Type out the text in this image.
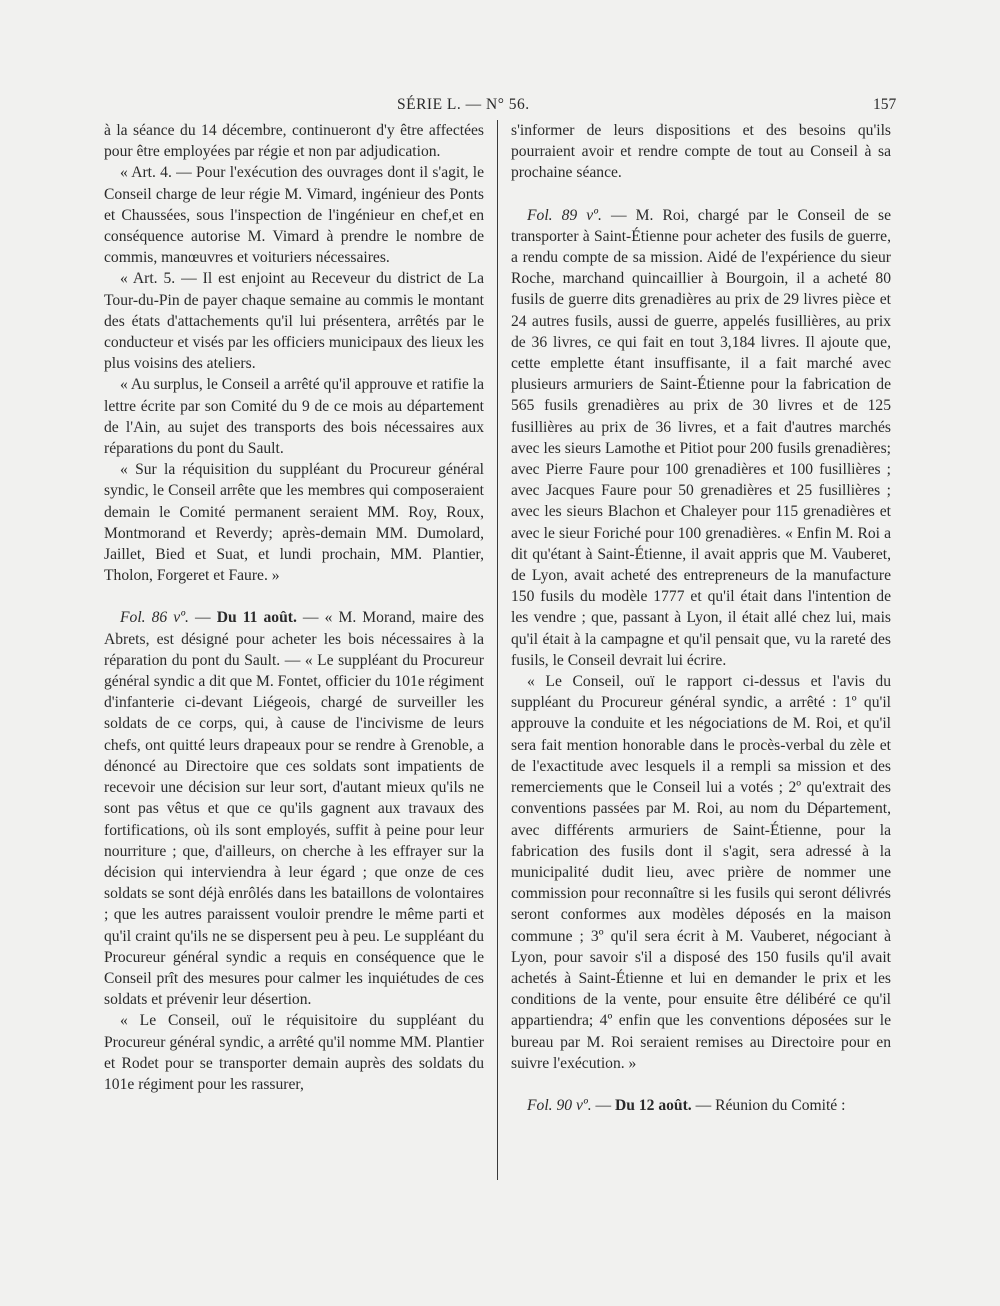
SÉRIE L. — N° 56.	157

à la séance du 14 décembre, continueront d'y être affectées pour être employées par régie et non par adjudication.

« Art. 4. — Pour l'exécution des ouvrages dont il s'agit, le Conseil charge de leur régie M. Vimard, ingénieur des Ponts et Chaussées, sous l'inspection de l'ingénieur en chef,et en conséquence autorise M. Vimard à prendre le nombre de commis, manœuvres et voituriers nécessaires.

« Art. 5. — Il est enjoint au Receveur du district de La Tour-du-Pin de payer chaque semaine au commis le montant des états d'attachements qu'il lui présentera, arrêtés par le conducteur et visés par les officiers municipaux des lieux les plus voisins des ateliers.

« Au surplus, le Conseil a arrêté qu'il approuve et ratifie la lettre écrite par son Comité du 9 de ce mois au département de l'Ain, au sujet des transports des bois nécessaires aux réparations du pont du Sault.

« Sur la réquisition du suppléant du Procureur général syndic, le Conseil arrête que les membres qui composeraient demain le Comité permanent seraient MM. Roy, Roux, Montmorand et Reverdy; après-demain MM. Dumolard, Jaillet, Bied et Suat, et lundi prochain, MM. Plantier, Tholon, Forgeret et Faure. »

Fol. 86 vº. — Du 11 août. — « M. Morand, maire des Abrets, est désigné pour acheter les bois nécessaires à la réparation du pont du Sault. — « Le suppléant du Procureur général syndic a dit que M. Fontet, officier du 101e régiment d'infanterie ci-devant Liégeois, chargé de surveiller les soldats de ce corps, qui, à cause de l'incivisme de leurs chefs, ont quitté leurs drapeaux pour se rendre à Grenoble, a dénoncé au Directoire que ces soldats sont impatients de recevoir une décision sur leur sort, d'autant mieux qu'ils ne sont pas vêtus et que ce qu'ils gagnent aux travaux des fortifications, où ils sont employés, suffit à peine pour leur nourriture ; que, d'ailleurs, on cherche à les effrayer sur la décision qui interviendra à leur égard ; que onze de ces soldats se sont déjà enrôlés dans les bataillons de volontaires ; que les autres paraissent vouloir prendre le même parti et qu'il craint qu'ils ne se dispersent peu à peu. Le suppléant du Procureur général syndic a requis en conséquence que le Conseil prît des mesures pour calmer les inquiétudes de ces soldats et prévenir leur désertion.

« Le Conseil, ouï le réquisitoire du suppléant du Procureur général syndic, a arrêté qu'il nomme MM. Plantier et Rodet pour se transporter demain auprès des soldats du 101e régiment pour les rassurer,

s'informer de leurs dispositions et des besoins qu'ils pourraient avoir et rendre compte de tout au Conseil à sa prochaine séance.

Fol. 89 vº. — M. Roi, chargé par le Conseil de se transporter à Saint-Étienne pour acheter des fusils de guerre, a rendu compte de sa mission. Aidé de l'expérience du sieur Roche, marchand quincaillier à Bourgoin, il a acheté 80 fusils de guerre dits grenadières au prix de 29 livres pièce et 24 autres fusils, aussi de guerre, appelés fusillières, au prix de 36 livres, ce qui fait en tout 3,184 livres. Il ajoute que, cette emplette étant insuffisante, il a fait marché avec plusieurs armuriers de Saint-Étienne pour la fabrication de 565 fusils grenadières au prix de 30 livres et de 125 fusillières au prix de 36 livres, et a fait d'autres marchés avec les sieurs Lamothe et Pitiot pour 200 fusils grenadières; avec Pierre Faure pour 100 grenadières et 100 fusillières ; avec Jacques Faure pour 50 grenadières et 25 fusillières ; avec les sieurs Blachon et Chaleyer pour 115 grenadières et avec le sieur Foriché pour 100 grenadières. « Enfin M. Roi a dit qu'étant à Saint-Étienne, il avait appris que M. Vauberet, de Lyon, avait acheté des entrepreneurs de la manufacture 150 fusils du modèle 1777 et qu'il était dans l'intention de les vendre ; que, passant à Lyon, il était allé chez lui, mais qu'il était à la campagne et qu'il pensait que, vu la rareté des fusils, le Conseil devrait lui écrire.

« Le Conseil, ouï le rapport ci-dessus et l'avis du suppléant du Procureur général syndic, a arrêté : 1º qu'il approuve la conduite et les négociations de M. Roi, et qu'il sera fait mention honorable dans le procès-verbal du zèle et de l'exactitude avec lesquels il a rempli sa mission et des remerciements que le Conseil lui a votés ; 2º qu'extrait des conventions passées par M. Roi, au nom du Département, avec différents armuriers de Saint-Étienne, pour la fabrication des fusils dont il s'agit, sera adressé à la municipalité dudit lieu, avec prière de nommer une commission pour reconnaître si les fusils qui seront délivrés seront conformes aux modèles déposés en la maison commune ; 3º qu'il sera écrit à M. Vauberet, négociant à Lyon, pour savoir s'il a disposé des 150 fusils qu'il avait achetés à Saint-Étienne et lui en demander le prix et les conditions de la vente, pour ensuite être délibéré ce qu'il appartiendra; 4º enfin que les conventions déposées sur le bureau par M. Roi seraient remises au Directoire pour en suivre l'exécution. »

Fol. 90 vº. — Du 12 août. — Réunion du Comité :
